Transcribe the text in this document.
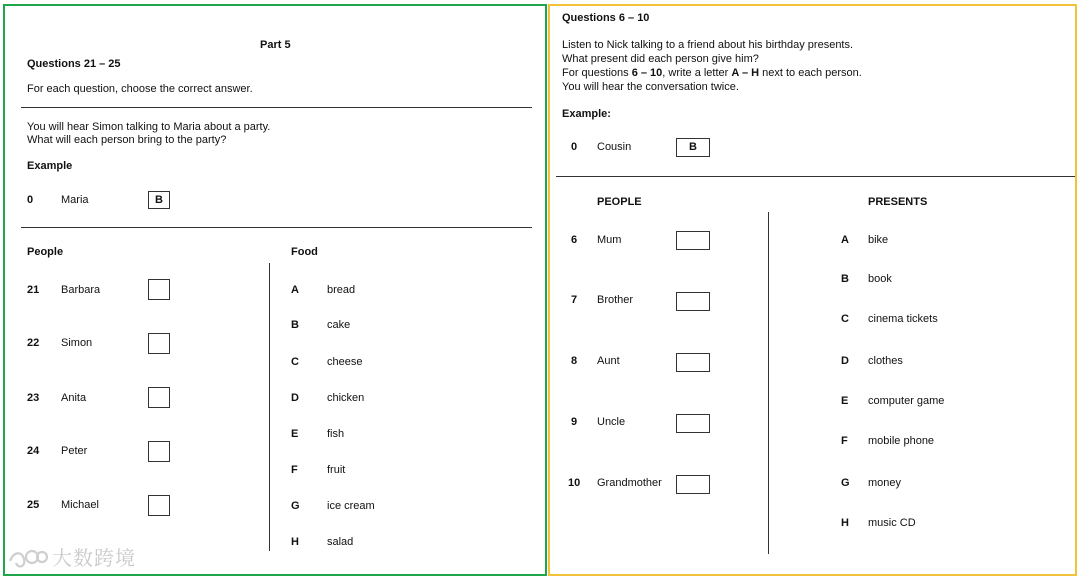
Part 5
Questions 21 – 25
For each question, choose the correct answer.
You will hear Simon talking to Maria about a party.
What will each person bring to the party?
Example
0	Maria	B
People	Food
21 Barbara
22 Simon
23 Anita
24 Peter
25 Michael
A	bread
B	cake
C	cheese
D	chicken
E	fish
F	fruit
G ice cream
H	salad
Questions 6 – 10
Listen to Nick talking to a friend about his birthday presents.
What present did each person give him?
For questions 6 – 10, write a letter A – H next to each person.
You will hear the conversation twice.
Example:
0 Cousin	B
PEOPLE	PRESENTS
6 Mum
7 Brother
8 Aunt
9 Uncle
10 Grandmother
A bike
B book
C cinema tickets
D clothes
E computer game
F mobile phone
G money
H music CD
大数跨境
